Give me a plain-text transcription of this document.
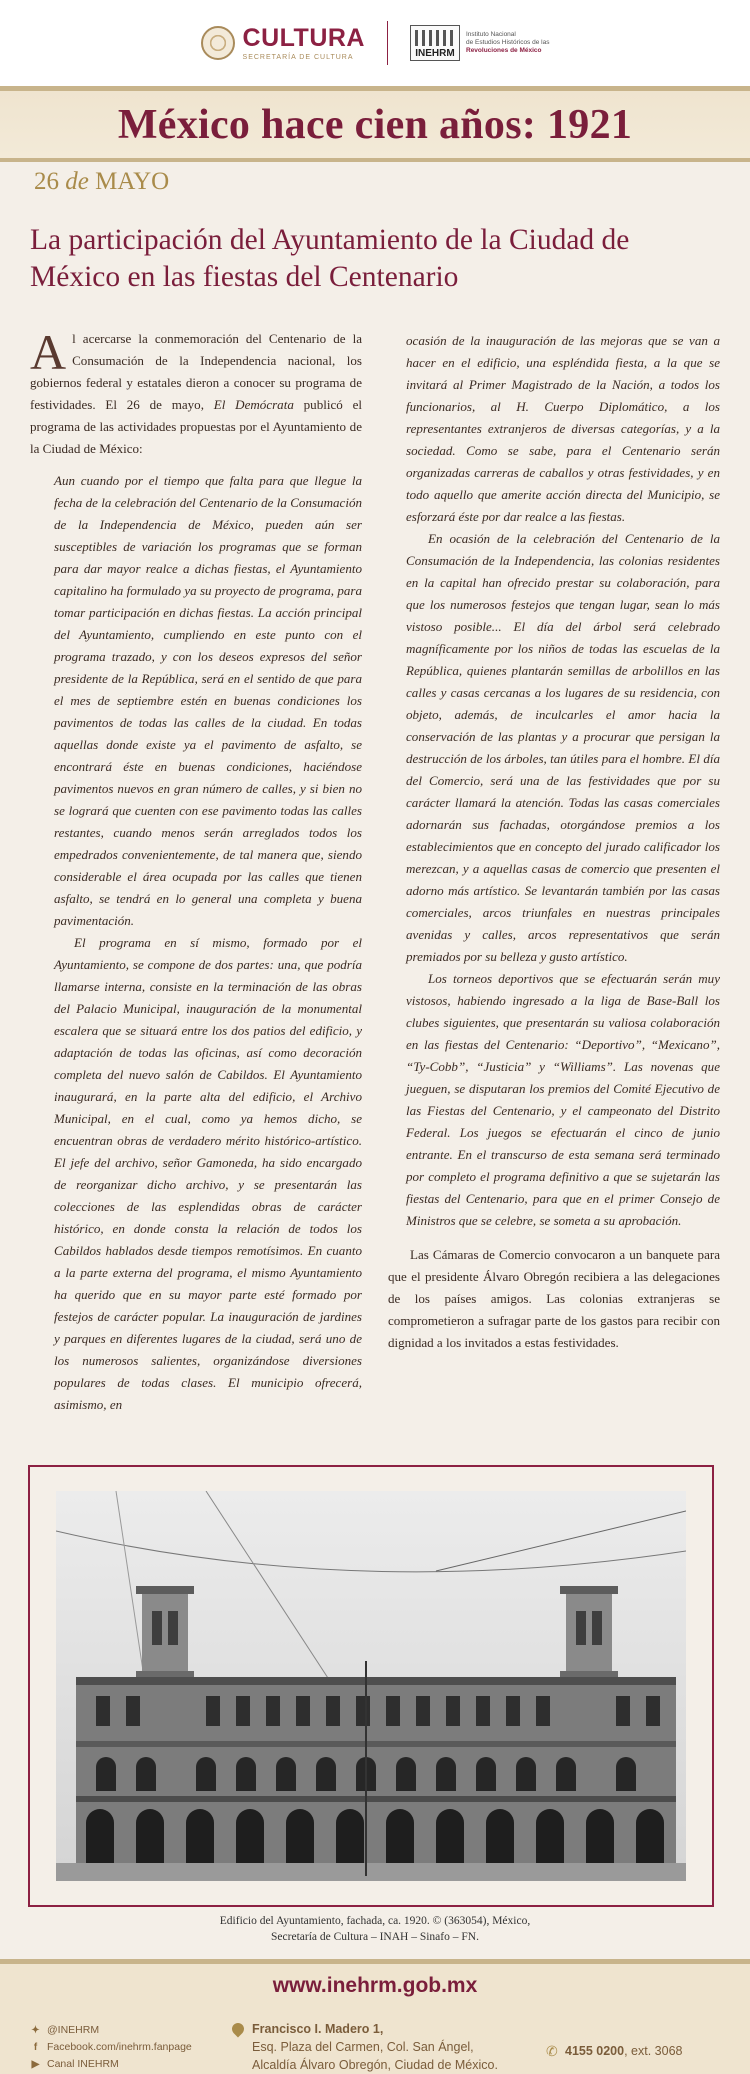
CULTURA
SECRETARÍA DE CULTURA	INEHRM
Instituto Nacional
de Estudios Históricos de las
Revoluciones de México
México hace cien años: 1921
26 de MAYO
La participación del Ayuntamiento de la Ciudad de México en las fiestas del Centenario

Al acercarse la conmemoración del Centenario de la Consumación de la Independencia nacional, los gobiernos federal y estatales dieron a conocer su programa de festividades. El 26 de mayo, El Demócrata publicó el programa de las actividades propuestas por el Ayuntamiento de la Ciudad de México:

Aun cuando por el tiempo que falta para que llegue la fecha de la celebración del Centenario de la Consumación de la Independencia de México, pueden aún ser susceptibles de variación los programas que se forman para dar mayor realce a dichas fiestas, el Ayuntamiento capitalino ha formulado ya su proyecto de programa, para tomar participación en dichas fiestas. La acción principal del Ayuntamiento, cumpliendo en este punto con el programa trazado, y con los deseos expresos del señor presidente de la República, será en el sentido de que para el mes de septiembre estén en buenas condiciones los pavimentos de todas las calles de la ciudad. En todas aquellas donde existe ya el pavimento de asfalto, se encontrará éste en buenas condiciones, haciéndose pavimentos nuevos en gran número de calles, y si bien no se logrará que cuenten con ese pavimento todas las calles restantes, cuando menos serán arreglados todos los empedrados convenientemente, de tal manera que, siendo considerable el área ocupada por las calles que tienen asfalto, se tendrá en lo general una completa y buena pavimentación.

El programa en sí mismo, formado por el Ayuntamiento, se compone de dos partes: una, que podría llamarse interna, consiste en la terminación de las obras del Palacio Municipal, inauguración de la monumental escalera que se situará entre los dos patios del edificio, y adaptación de todas las oficinas, así como decoración completa del nuevo salón de Cabildos. El Ayuntamiento inaugurará, en la parte alta del edificio, el Archivo Municipal, en el cual, como ya hemos dicho, se encuentran obras de verdadero mérito histórico-artístico. El jefe del archivo, señor Gamoneda, ha sido encargado de reorganizar dicho archivo, y se presentarán las colecciones de las esplendidas obras de carácter histórico, en donde consta la relación de todos los Cabildos hablados desde tiempos remotísimos. En cuanto a la parte externa del programa, el mismo Ayuntamiento ha querido que en su mayor parte esté formado por festejos de carácter popular. La inauguración de jardines y parques en diferentes lugares de la ciudad, será uno de los numerosos salientes, organizándose diversiones populares de todas clases. El municipio ofrecerá, asimismo, en

ocasión de la inauguración de las mejoras que se van a hacer en el edificio, una espléndida fiesta, a la que se invitará al Primer Magistrado de la Nación, a todos los funcionarios, al H. Cuerpo Diplomático, a los representantes extranjeros de diversas categorías, y a la sociedad. Como se sabe, para el Centenario serán organizadas carreras de caballos y otras festividades, y en todo aquello que amerite acción directa del Municipio, se esforzará éste por dar realce a las fiestas.

En ocasión de la celebración del Centenario de la Consumación de la Independencia, las colonias residentes en la capital han ofrecido prestar su colaboración, para que los numerosos festejos que tengan lugar, sean lo más vistoso posible... El día del árbol será celebrado magníficamente por los niños de todas las escuelas de la República, quienes plantarán semillas de arbolillos en las calles y casas cercanas a los lugares de su residencia, con objeto, además, de inculcarles el amor hacia la conservación de las plantas y a procurar que persigan la destrucción de los árboles, tan útiles para el hombre. El día del Comercio, será una de las festividades que por su carácter llamará la atención. Todas las casas comerciales adornarán sus fachadas, otorgándose premios a los establecimientos que en concepto del jurado calificador los merezcan, y a aquellas casas de comercio que presenten el adorno más artístico. Se levantarán también por las casas comerciales, arcos triunfales en nuestras principales avenidas y calles, arcos representativos que serán premiados por su belleza y gusto artístico.

Los torneos deportivos que se efectuarán serán muy vistosos, habiendo ingresado a la liga de Base-Ball los clubes siguientes, que presentarán su valiosa colaboración en las fiestas del Centenario: “Deportivo”, “Mexicano”, “Ty-Cobb”, “Justicia” y “Williams”. Las novenas que jueguen, se disputaran los premios del Comité Ejecutivo de las Fiestas del Centenario, y el campeonato del Distrito Federal. Los juegos se efectuarán el cinco de junio entrante. En el transcurso de esta semana será terminado por completo el programa definitivo a que se sujetarán las fiestas del Centenario, para que en el primer Consejo de Ministros que se celebre, se someta a su aprobación.

Las Cámaras de Comercio convocaron a un banquete para que el presidente Álvaro Obregón recibiera a las delegaciones de los países amigos. Las colonias extranjeras se comprometieron a sufragar parte de los gastos para recibir con dignidad a los invitados a estas festividades.

Edificio del Ayuntamiento, fachada, ca. 1920. © (363054), México,
Secretaría de Cultura – INAH – Sinafo – FN.
www.inehrm.gob.mx
✦ @INEHRM
f Facebook.com/inehrm.fanpage
▶ Canal INEHRM
Francisco I. Madero 1,
Esq. Plaza del Carmen, Col. San Ángel,
Alcaldía Álvaro Obregón, Ciudad de México.
✆ 4155 0200, ext. 3068
